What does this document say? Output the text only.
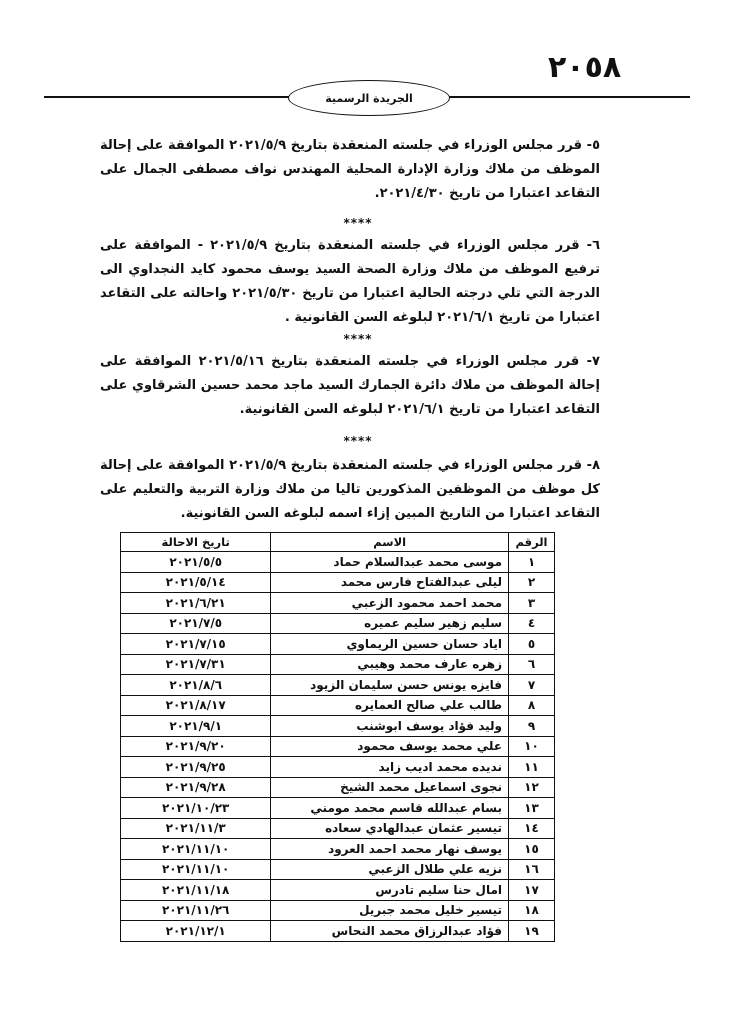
٢٠٥٨
الجريدة الرسمية
٥- قرر مجلس الوزراء في جلسته المنعقدة بتاريخ ٢٠٢١/٥/٩ الموافقة على إحالة الموظف من ملاك وزارة الإدارة المحلية المهندس نواف مصطفى الجمال على التقاعد اعتبارا من تاريخ ٢٠٢١/٤/٣٠.
****
٦- قرر مجلس الوزراء في جلسته المنعقدة بتاريخ ٢٠٢١/٥/٩ - الموافقة على ترفيع الموظف من ملاك وزارة الصحة السيد يوسف محمود كايد النجداوي الى الدرجة التي تلي درجته الحالية اعتبارا من تاريخ ٢٠٢١/٥/٣٠ واحالته على التقاعد اعتبارا من تاريخ ٢٠٢١/٦/١ لبلوغه السن القانونية .
****
٧- قرر مجلس الوزراء في جلسته المنعقدة بتاريخ ٢٠٢١/٥/١٦ الموافقة على إحالة الموظف من ملاك دائرة الجمارك السيد ماجد محمد حسين الشرقاوي على التقاعد اعتبارا من تاريخ ٢٠٢١/٦/١ لبلوغه السن القانونية.
****
٨- قرر مجلس الوزراء في جلسته المنعقدة بتاريخ ٢٠٢١/٥/٩ الموافقة على إحالة كل موظف من الموظفين المذكورين تاليا من ملاك وزارة التربية والتعليم على التقاعد اعتبارا من التاريخ المبين إزاء اسمه لبلوغه السن القانونية.
الرقم	الاسم	تاريخ الاحالة
١	موسى محمد عبدالسلام حماد	٢٠٢١/٥/٥
٢	ليلى عبدالفتاح فارس محمد	٢٠٢١/٥/١٤
٣	محمد احمد محمود الزعبي	٢٠٢١/٦/٢١
٤	سليم زهير سليم عميره	٢٠٢١/٧/٥
٥	اياد حسان حسين الريماوي	٢٠٢١/٧/١٥
٦	زهره عارف محمد وهيبي	٢٠٢١/٧/٣١
٧	فايزه يونس حسن سليمان الزيود	٢٠٢١/٨/٦
٨	طالب علي صالح العمايره	٢٠٢١/٨/١٧
٩	وليد فؤاد يوسف ابوشنب	٢٠٢١/٩/١
١٠	علي محمد يوسف محمود	٢٠٢١/٩/٢٠
١١	نديده محمد اديب زايد	٢٠٢١/٩/٢٥
١٢	نجوى اسماعيل محمد الشيخ	٢٠٢١/٩/٢٨
١٣	بسام عبدالله قاسم محمد مومني	٢٠٢١/١٠/٢٣
١٤	تيسير عثمان عبدالهادي سعاده	٢٠٢١/١١/٣
١٥	يوسف نهار محمد احمد العرود	٢٠٢١/١١/١٠
١٦	نزيه علي طلال الزعبي	٢٠٢١/١١/١٠
١٧	امال حنا سليم تادرس	٢٠٢١/١١/١٨
١٨	تيسير خليل محمد جبريل	٢٠٢١/١١/٢٦
١٩	فؤاد عبدالرزاق محمد النحاس	٢٠٢١/١٢/١
